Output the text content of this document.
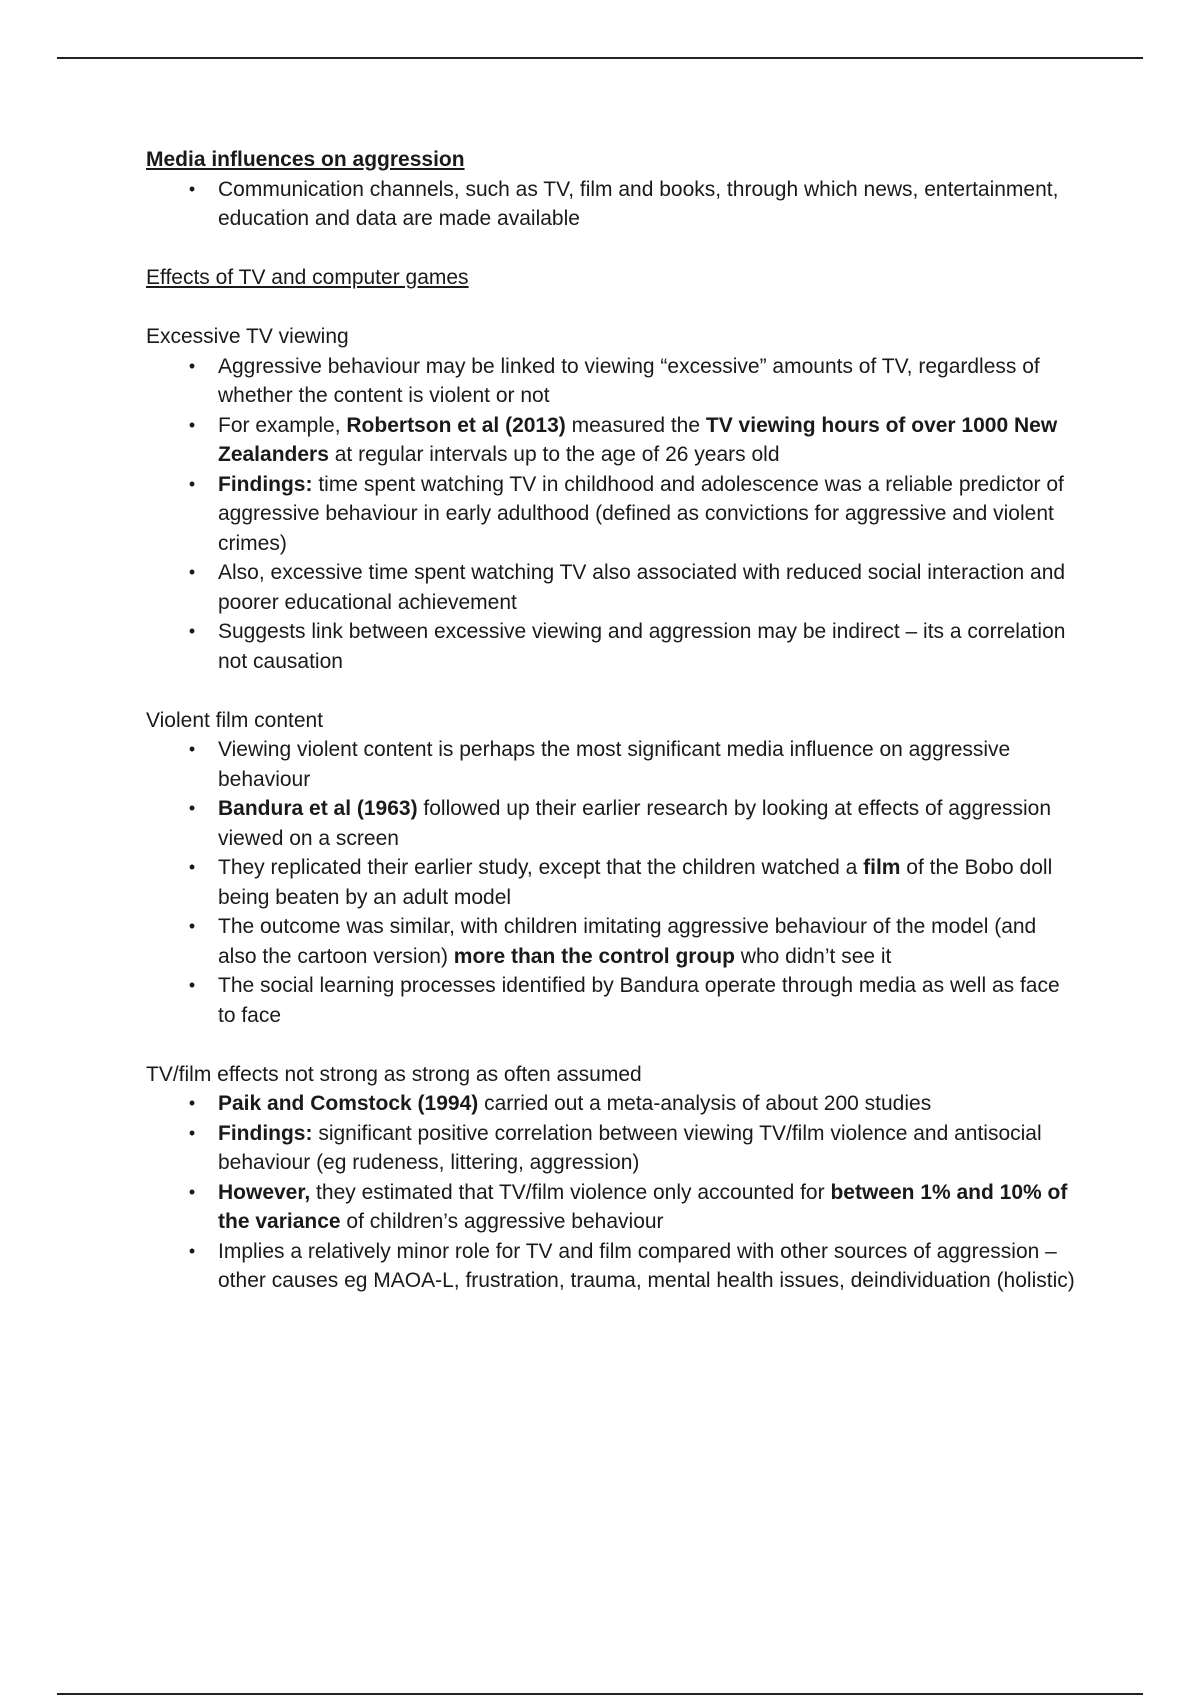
Media influences on aggression
•	Communication channels, such as TV, film and books, through which news, entertainment, education and data are made available
Effects of TV and computer games
Excessive TV viewing
•	Aggressive behaviour may be linked to viewing “excessive” amounts of TV, regardless of whether the content is violent or not
•	For example, Robertson et al (2013) measured the TV viewing hours of over 1000 New Zealanders at regular intervals up to the age of 26 years old
•	Findings: time spent watching TV in childhood and adolescence was a reliable predictor of aggressive behaviour in early adulthood (defined as convictions for aggressive and violent crimes)
•	Also, excessive time spent watching TV also associated with reduced social interaction and poorer educational achievement
•	Suggests link between excessive viewing and aggression may be indirect – its a correlation not causation
Violent film content
•	Viewing violent content is perhaps the most significant media influence on aggressive behaviour
•	Bandura et al (1963) followed up their earlier research by looking at effects of aggression viewed on a screen
•	They replicated their earlier study, except that the children watched a film of the Bobo doll being beaten by an adult model
•	The outcome was similar, with children imitating aggressive behaviour of the model (and also the cartoon version) more than the control group who didn’t see it
•	The social learning processes identified by Bandura operate through media as well as face to face
TV/film effects not strong as strong as often assumed
•	Paik and Comstock (1994) carried out a meta-analysis of about 200 studies
•	Findings: significant positive correlation between viewing TV/film violence and antisocial behaviour (eg rudeness, littering, aggression)
•	However, they estimated that TV/film violence only accounted for between 1% and 10% of the variance of children’s aggressive behaviour
•	Implies a relatively minor role for TV and film compared with other sources of aggression – other causes eg MAOA-L, frustration, trauma, mental health issues, deindividuation (holistic)
